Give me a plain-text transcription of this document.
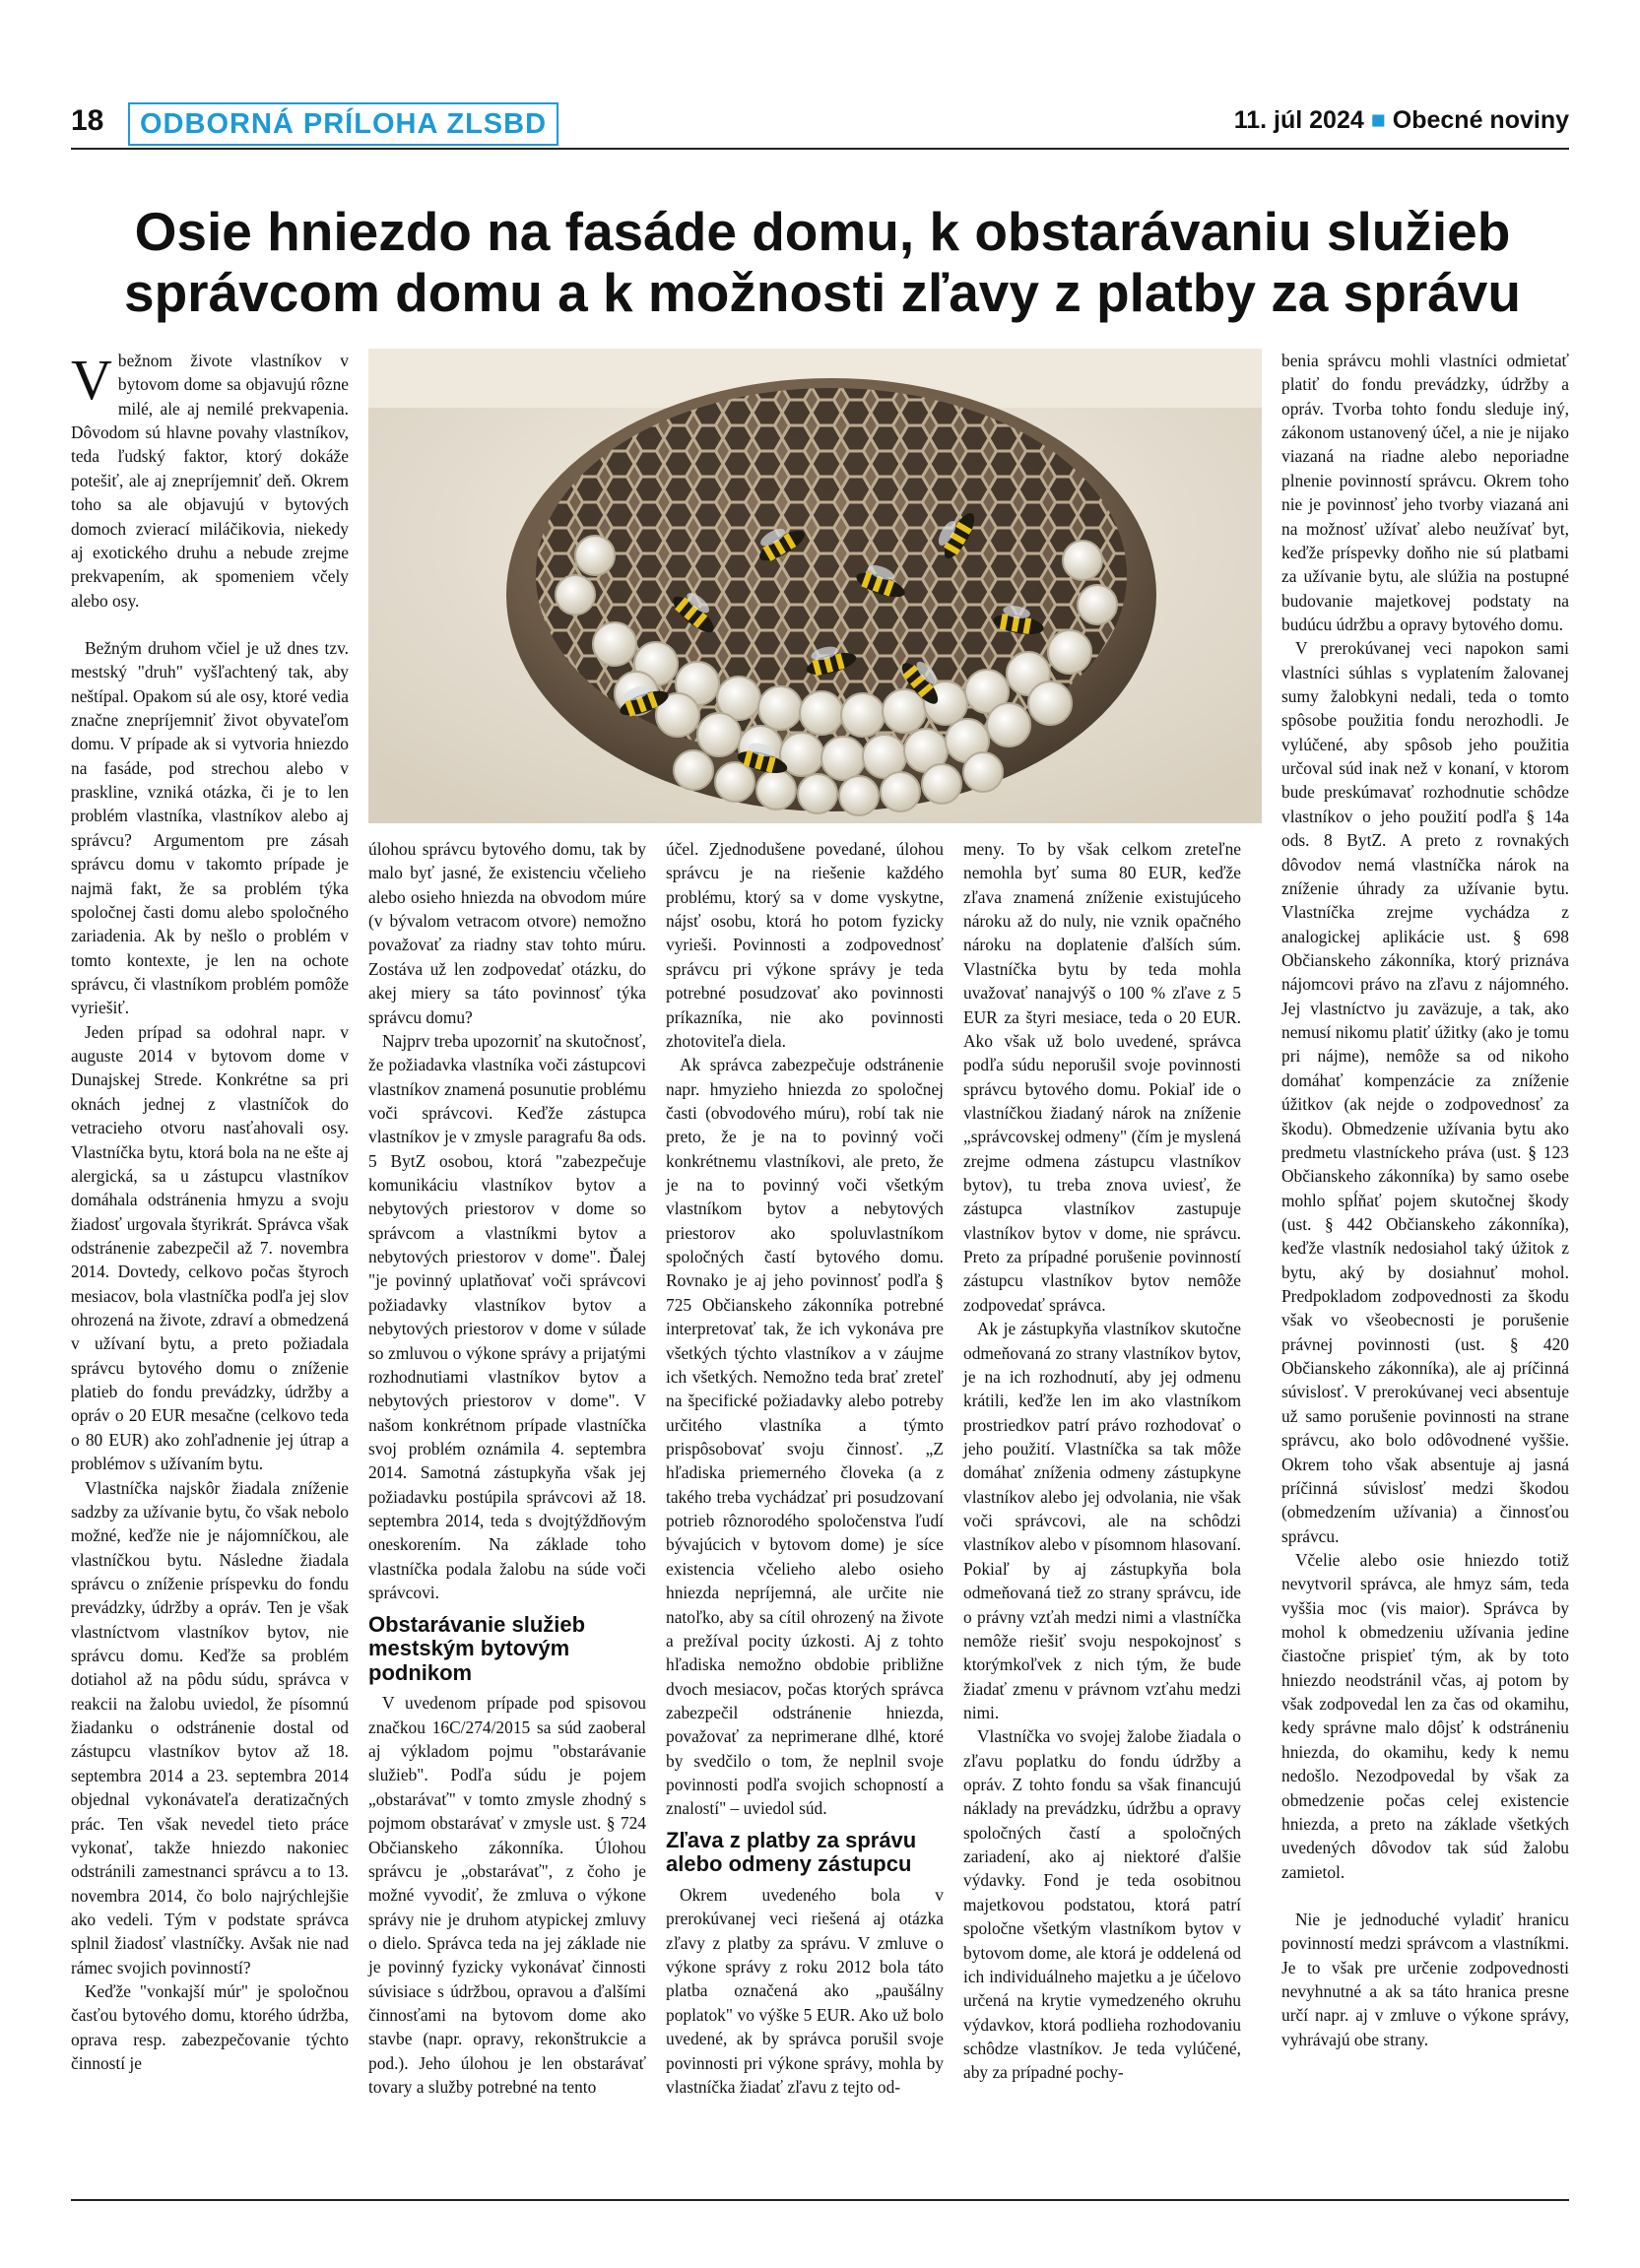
18	ODBORNÁ PRÍLOHA ZLSBD	11. júl 2024 ■ Obecné noviny
Osie hniezdo na fasáde domu, k obstarávaniu služieb
správcom domu a k možnosti zľavy z platby za správu

Vbežnom živote vlastníkov v bytovom dome sa objavujú rôzne milé, ale aj nemilé prekvapenia. Dôvodom sú hlavne povahy vlastníkov, teda ľudský faktor, ktorý dokáže potešiť, ale aj znepríjemniť deň. Okrem toho sa ale objavujú v bytových domoch zvierací miláčikovia, niekedy aj exotického druhu a nebude zrejme prekvapením, ak spomeniem včely alebo osy.

Bežným druhom včiel je už dnes tzv. mestský "druh" vyšľachtený tak, aby neštípal. Opakom sú ale osy, ktoré vedia značne znepríjemniť život obyvateľom domu. V prípade ak si vytvoria hniezdo na fasáde, pod strechou alebo v praskline, vzniká otázka, či je to len problém vlastníka, vlastníkov alebo aj správcu? Argumentom pre zásah správcu domu v takomto prípade je najmä fakt, že sa problém týka spoločnej časti domu alebo spoločného zariadenia. Ak by nešlo o problém v tomto kontexte, je len na ochote správcu, či vlastníkom problém pomôže vyriešiť.

Jeden prípad sa odohral napr. v auguste 2014 v bytovom dome v Dunajskej Strede. Konkrétne sa pri oknách jednej z vlastníčok do vetracieho otvoru nasťahovali osy. Vlastníčka bytu, ktorá bola na ne ešte aj alergická, sa u zástupcu vlastníkov domáhala odstránenia hmyzu a svoju žiadosť urgovala štyrikrát. Správca však odstránenie zabezpečil až 7. novembra 2014. Dovtedy, celkovo počas štyroch mesiacov, bola vlastníčka podľa jej slov ohrozená na živote, zdraví a obmedzená v užívaní bytu, a preto požiadala správcu bytového domu o zníženie platieb do fondu prevádzky, údržby a opráv o 20 EUR mesačne (celkovo teda o 80 EUR) ako zohľadnenie jej útrap a problémov s užívaním bytu.

Vlastníčka najskôr žiadala zníženie sadzby za užívanie bytu, čo však nebolo možné, keďže nie je nájomníčkou, ale vlastníčkou bytu. Následne žiadala správcu o zníženie príspevku do fondu prevádzky, údržby a opráv. Ten je však vlastníctvom vlastníkov bytov, nie správcu domu. Keďže sa problém dotiahol až na pôdu súdu, správca v reakcii na žalobu uviedol, že písomnú žiadanku o odstránenie dostal od zástupcu vlastníkov bytov až 18. septembra 2014 a 23. septembra 2014 objednal vykonávateľa deratizačných prác. Ten však nevedel tieto práce vykonať, takže hniezdo nakoniec odstránili zamestnanci správcu a to 13. novembra 2014, čo bolo najrýchlejšie ako vedeli. Tým v podstate správca splnil žiadosť vlastníčky. Avšak nie nad rámec svojich povinností?

Keďže "vonkajší múr" je spoločnou časťou bytového domu, ktorého údržba, oprava resp. zabezpečovanie týchto činností je

úlohou správcu bytového domu, tak by malo byť jasné, že existenciu včelieho alebo osieho hniezda na obvodom múre (v bývalom vetracom otvore) nemožno považovať za riadny stav tohto múru. Zostáva už len zodpovedať otázku, do akej miery sa táto povinnosť týka správcu domu?

Najprv treba upozorniť na skutočnosť, že požiadavka vlastníka voči zástupcovi vlastníkov znamená posunutie problému voči správcovi. Keďže zástupca vlastníkov je v zmysle paragrafu 8a ods. 5 BytZ osobou, ktorá "zabezpečuje komunikáciu vlastníkov bytov a nebytových priestorov v dome so správcom a vlastníkmi bytov a nebytových priestorov v dome". Ďalej "je povinný uplatňovať voči správcovi požiadavky vlastníkov bytov a nebytových priestorov v dome v súlade so zmluvou o výkone správy a prijatými rozhodnutiami vlastníkov bytov a nebytových priestorov v dome". V našom konkrétnom prípade vlastníčka svoj problém oznámila 4. septembra 2014. Samotná zástupkyňa však jej požiadavku postúpila správcovi až 18. septembra 2014, teda s dvojtýždňovým oneskorením. Na základe toho vlastníčka podala žalobu na súde voči správcovi.

Obstarávanie služieb
mestským bytovým
podnikom

V uvedenom prípade pod spisovou značkou 16C/274/2015 sa súd zaoberal aj výkladom pojmu "obstarávanie služieb". Podľa súdu je pojem „obstarávať" v tomto zmysle zhodný s pojmom obstarávať v zmysle ust. § 724 Občianskeho zákonníka. Úlohou správcu je „obstarávať", z čoho je možné vyvodiť, že zmluva o výkone správy nie je druhom atypickej zmluvy o dielo. Správca teda na jej základe nie je povinný fyzicky vykonávať činnosti súvisiace s údržbou, opravou a ďalšími činnosťami na bytovom dome ako stavbe (napr. opravy, rekonštrukcie a pod.). Jeho úlohou je len obstarávať tovary a služby potrebné na tento

účel. Zjednodušene povedané, úlohou správcu je na riešenie každého problému, ktorý sa v dome vyskytne, nájsť osobu, ktorá ho potom fyzicky vyrieši. Povinnosti a zodpovednosť správcu pri výkone správy je teda potrebné posudzovať ako povinnosti príkazníka, nie ako povinnosti zhotoviteľa diela.

Ak správca zabezpečuje odstránenie napr. hmyzieho hniezda zo spoločnej časti (obvodového múru), robí tak nie preto, že je na to povinný voči konkrétnemu vlastníkovi, ale preto, že je na to povinný voči všetkým vlastníkom bytov a nebytových priestorov ako spoluvlastníkom spoločných častí bytového domu. Rovnako je aj jeho povinnosť podľa § 725 Občianskeho zákonníka potrebné interpretovať tak, že ich vykonáva pre všetkých týchto vlastníkov a v záujme ich všetkých. Nemožno teda brať zreteľ na špecifické požiadavky alebo potreby určitého vlastníka a týmto prispôsobovať svoju činnosť. „Z hľadiska priemerného človeka (a z takého treba vychádzať pri posudzovaní potrieb rôznorodého spoločenstva ľudí bývajúcich v bytovom dome) je síce existencia včelieho alebo osieho hniezda nepríjemná, ale určite nie natoľko, aby sa cítil ohrozený na živote a prežíval pocity úzkosti. Aj z tohto hľadiska nemožno obdobie približne dvoch mesiacov, počas ktorých správca zabezpečil odstránenie hniezda, považovať za neprimerane dlhé, ktoré by svedčilo o tom, že neplnil svoje povinnosti podľa svojich schopností a znalostí" – uviedol súd.

Zľava z platby za správu
alebo odmeny zástupcu

Okrem uvedeného bola v prerokúvanej veci riešená aj otázka zľavy z platby za správu. V zmluve o výkone správy z roku 2012 bola táto platba označená ako „paušálny poplatok" vo výške 5 EUR. Ako už bolo uvedené, ak by správca porušil svoje povinnosti pri výkone správy, mohla by vlastníčka žiadať zľavu z tejto od-

meny. To by však celkom zreteľne nemohla byť suma 80 EUR, keďže zľava znamená zníženie existujúceho nároku až do nuly, nie vznik opačného nároku na doplatenie ďalších súm. Vlastníčka bytu by teda mohla uvažovať nanajvýš o 100 % zľave z 5 EUR za štyri mesiace, teda o 20 EUR. Ako však už bolo uvedené, správca podľa súdu neporušil svoje povinnosti správcu bytového domu. Pokiaľ ide o vlastníčkou žiadaný nárok na zníženie „správcovskej odmeny" (čím je myslená zrejme odmena zástupcu vlastníkov bytov), tu treba znova uviesť, že zástupca vlastníkov zastupuje vlastníkov bytov v dome, nie správcu. Preto za prípadné porušenie povinností zástupcu vlastníkov bytov nemôže zodpovedať správca.

Ak je zástupkyňa vlastníkov skutočne odmeňovaná zo strany vlastníkov bytov, je na ich rozhodnutí, aby jej odmenu krátili, keďže len im ako vlastníkom prostriedkov patrí právo rozhodovať o jeho použití. Vlastníčka sa tak môže domáhať zníženia odmeny zástupkyne vlastníkov alebo jej odvolania, nie však voči správcovi, ale na schôdzi vlastníkov alebo v písomnom hlasovaní. Pokiaľ by aj zástupkyňa bola odmeňovaná tiež zo strany správcu, ide o právny vzťah medzi nimi a vlastníčka nemôže riešiť svoju nespokojnosť s ktorýmkoľvek z nich tým, že bude žiadať zmenu v právnom vzťahu medzi nimi.

Vlastníčka vo svojej žalobe žiadala o zľavu poplatku do fondu údržby a opráv. Z tohto fondu sa však financujú náklady na prevádzku, údržbu a opravy spoločných častí a spoločných zariadení, ako aj niektoré ďalšie výdavky. Fond je teda osobitnou majetkovou podstatou, ktorá patrí spoločne všetkým vlastníkom bytov v bytovom dome, ale ktorá je oddelená od ich individuálneho majetku a je účelovo určená na krytie vymedzeného okruhu výdavkov, ktorá podlieha rozhodovaniu schôdze vlastníkov. Je teda vylúčené, aby za prípadné pochy-

benia správcu mohli vlastníci odmietať platiť do fondu prevádzky, údržby a opráv. Tvorba tohto fondu sleduje iný, zákonom ustanovený účel, a nie je nijako viazaná na riadne alebo neporiadne plnenie povinností správcu. Okrem toho nie je povinnosť jeho tvorby viazaná ani na možnosť užívať alebo neužívať byt, keďže príspevky doňho nie sú platbami za užívanie bytu, ale slúžia na postupné budovanie majetkovej podstaty na budúcu údržbu a opravy bytového domu.

V prerokúvanej veci napokon sami vlastníci súhlas s vyplatením žalovanej sumy žalobkyni nedali, teda o tomto spôsobe použitia fondu nerozhodli. Je vylúčené, aby spôsob jeho použitia určoval súd inak než v konaní, v ktorom bude preskúmavať rozhodnutie schôdze vlastníkov o jeho použití podľa § 14a ods. 8 BytZ. A preto z rovnakých dôvodov nemá vlastníčka nárok na zníženie úhrady za užívanie bytu. Vlastníčka zrejme vychádza z analogickej aplikácie ust. § 698 Občianskeho zákonníka, ktorý priznáva nájomcovi právo na zľavu z nájomného. Jej vlastníctvo ju zaväzuje, a tak, ako nemusí nikomu platiť úžitky (ako je tomu pri nájme), nemôže sa od nikoho domáhať kompenzácie za zníženie úžitkov (ak nejde o zodpovednosť za škodu). Obmedzenie užívania bytu ako predmetu vlastníckeho práva (ust. § 123 Občianskeho zákonníka) by samo osebe mohlo spĺňať pojem skutočnej škody (ust. § 442 Občianskeho zákonníka), keďže vlastník nedosiahol taký úžitok z bytu, aký by dosiahnuť mohol. Predpokladom zodpovednosti za škodu však vo všeobecnosti je porušenie právnej povinnosti (ust. § 420 Občianskeho zákonníka), ale aj príčinná súvislosť. V prerokúvanej veci absentuje už samo porušenie povinnosti na strane správcu, ako bolo odôvodnené vyššie. Okrem toho však absentuje aj jasná príčinná súvislosť medzi škodou (obmedzením užívania) a činnosťou správcu.

Včelie alebo osie hniezdo totiž nevytvoril správca, ale hmyz sám, teda vyššia moc (vis maior). Správca by mohol k obmedzeniu užívania jedine čiastočne prispieť tým, ak by toto hniezdo neodstránil včas, aj potom by však zodpovedal len za čas od okamihu, kedy správne malo dôjsť k odstráneniu hniezda, do okamihu, kedy k nemu nedošlo. Nezodpovedal by však za obmedzenie počas celej existencie hniezda, a preto na základe všetkých uvedených dôvodov tak súd žalobu zamietol.

Nie je jednoduché vyladiť hranicu povinností medzi správcom a vlastníkmi. Je to však pre určenie zodpovednosti nevyhnutné a ak sa táto hranica presne určí napr. aj v zmluve o výkone správy, vyhrávajú obe strany.
